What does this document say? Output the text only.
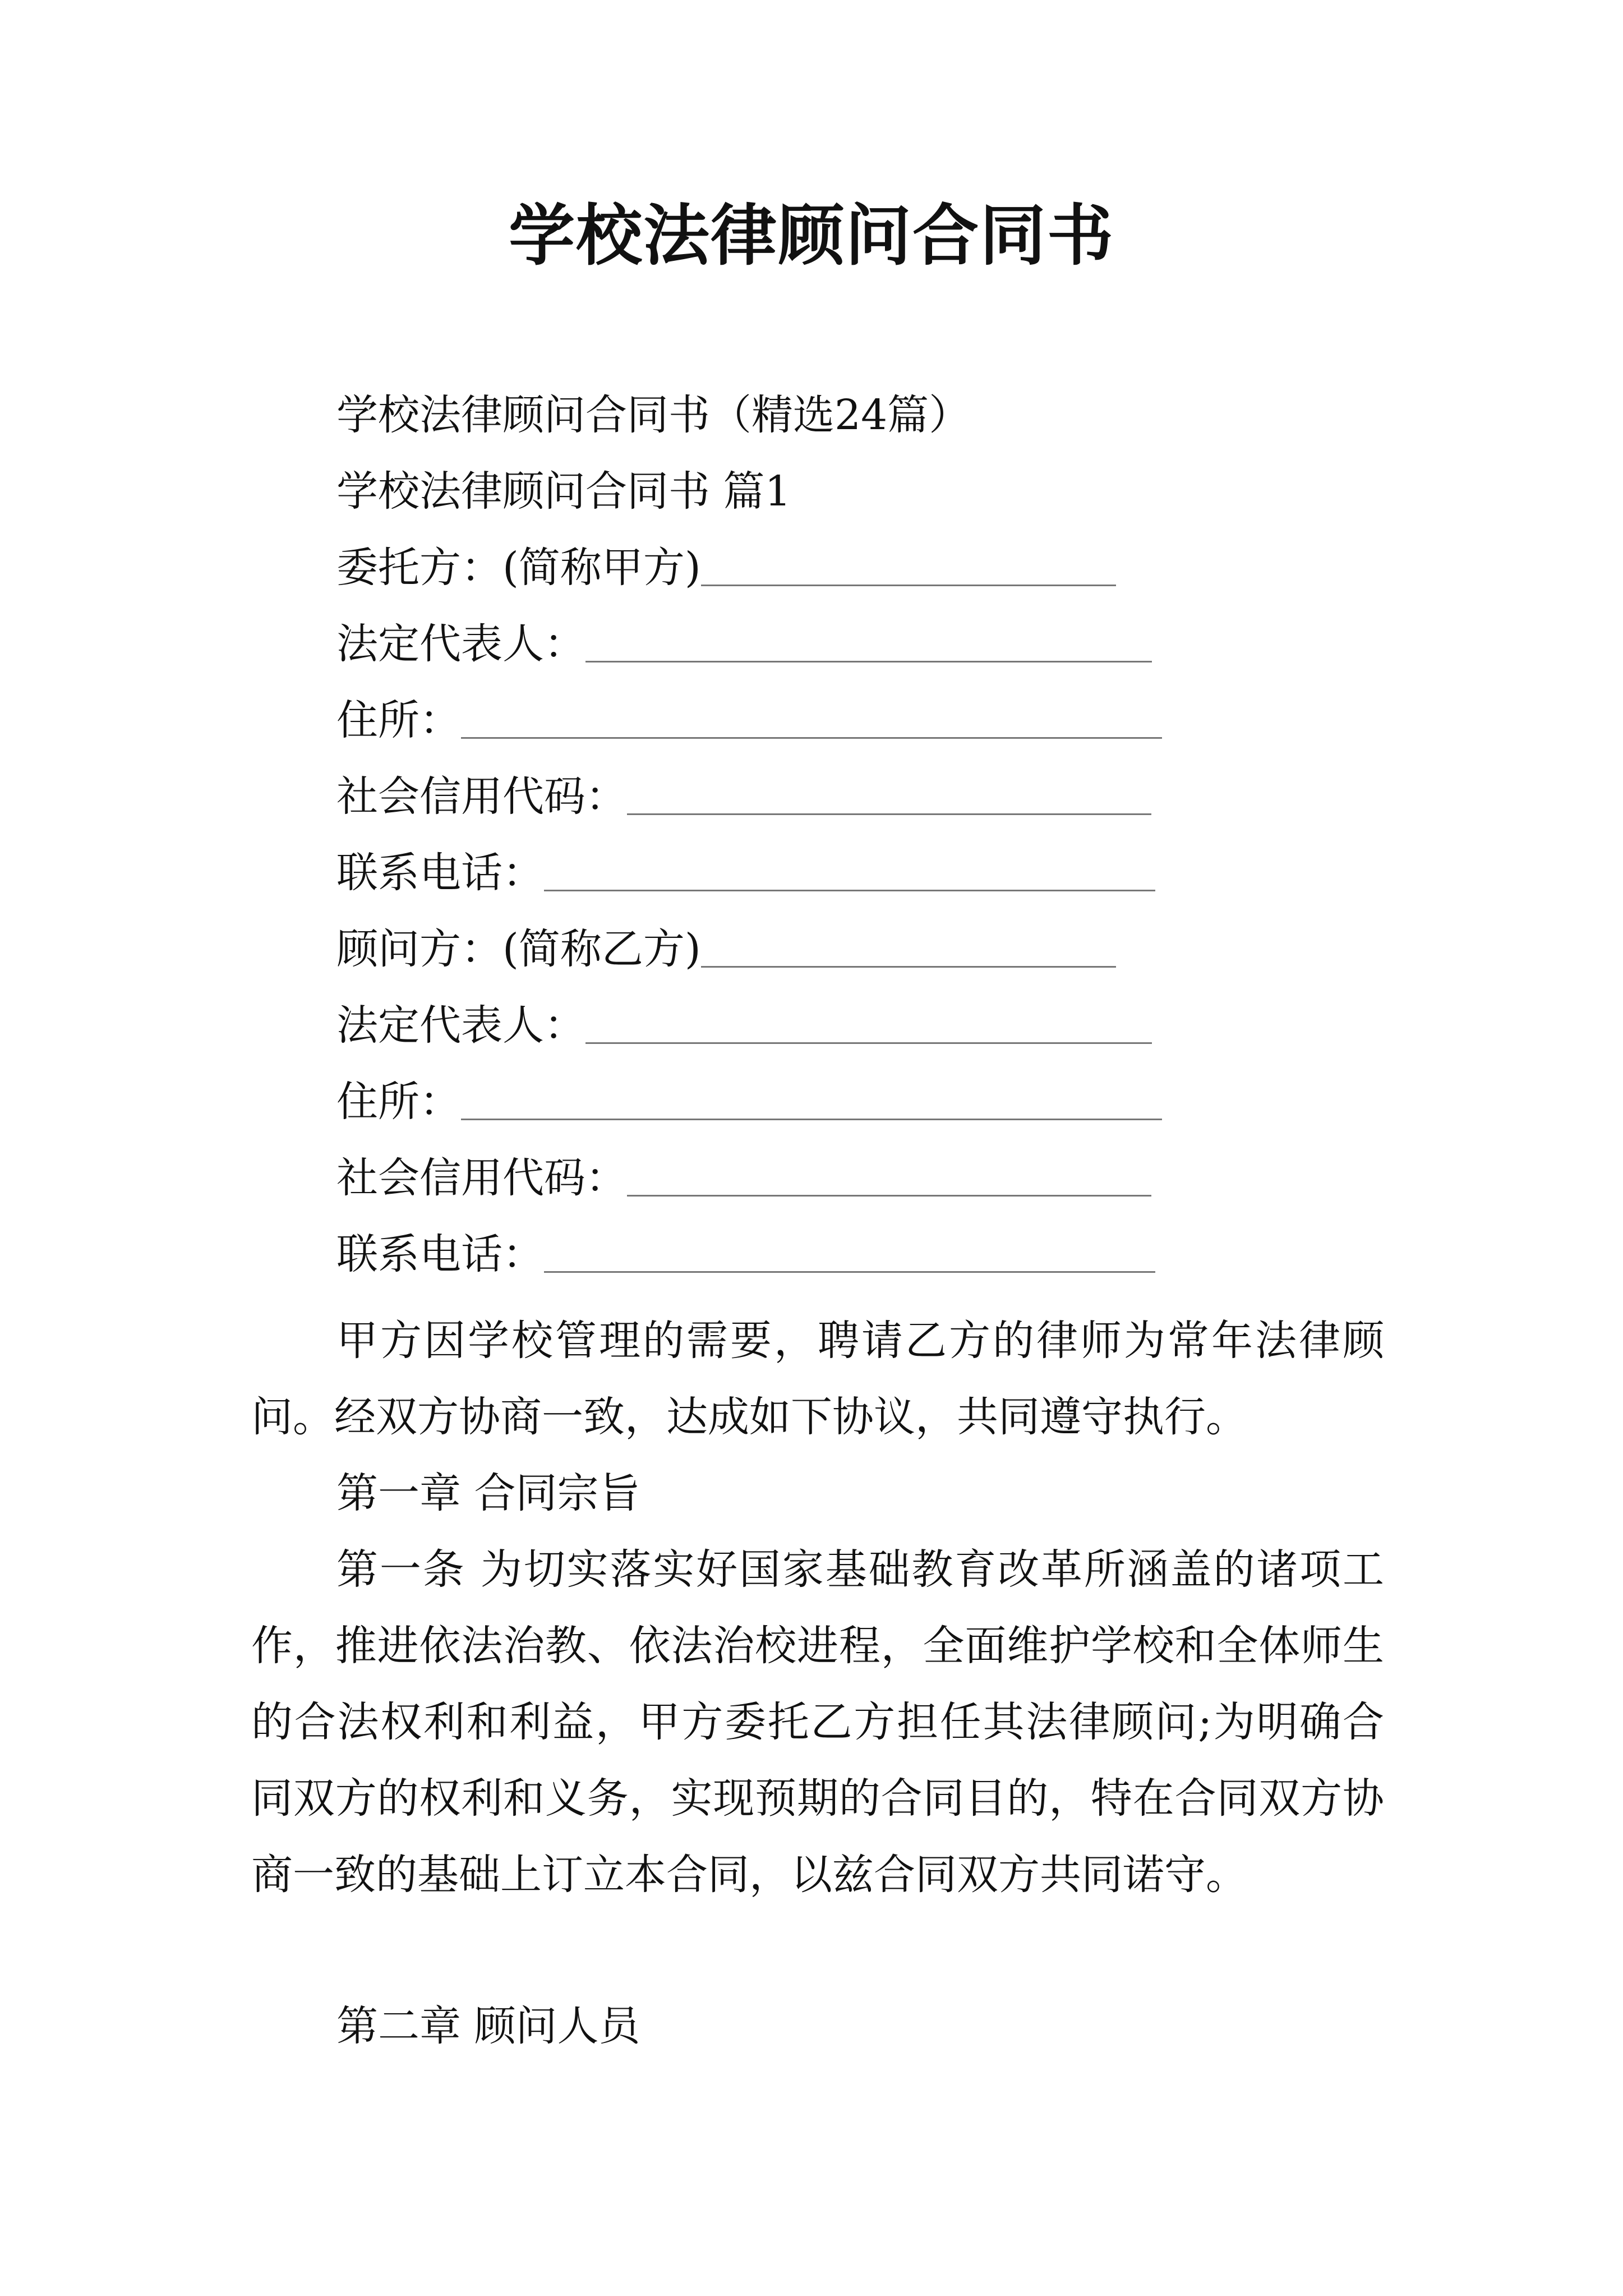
学校法律顾问合同书
学校法律顾问合同书（精选24篇）
学校法律顾问合同书 篇1
委托方：(简称甲方)
法定代表人：
住所：
社会信用代码：
联系电话：
顾问方：(简称乙方)
法定代表人：
住所：
社会信用代码：
联系电话：
甲方因学校管理的需要，聘请乙方的律师为常年法律顾问。经双方协商一致，达成如下协议，共同遵守执行。
第一章 合同宗旨
第一条 为切实落实好国家基础教育改革所涵盖的诸项工作，推进依法治教、依法治校进程，全面维护学校和全体师生的合法权利和利益，甲方委托乙方担任其法律顾问;为明确合同双方的权利和义务，实现预期的合同目的，特在合同双方协商一致的基础上订立本合同，以兹合同双方共同诺守。
第二章 顾问人员
